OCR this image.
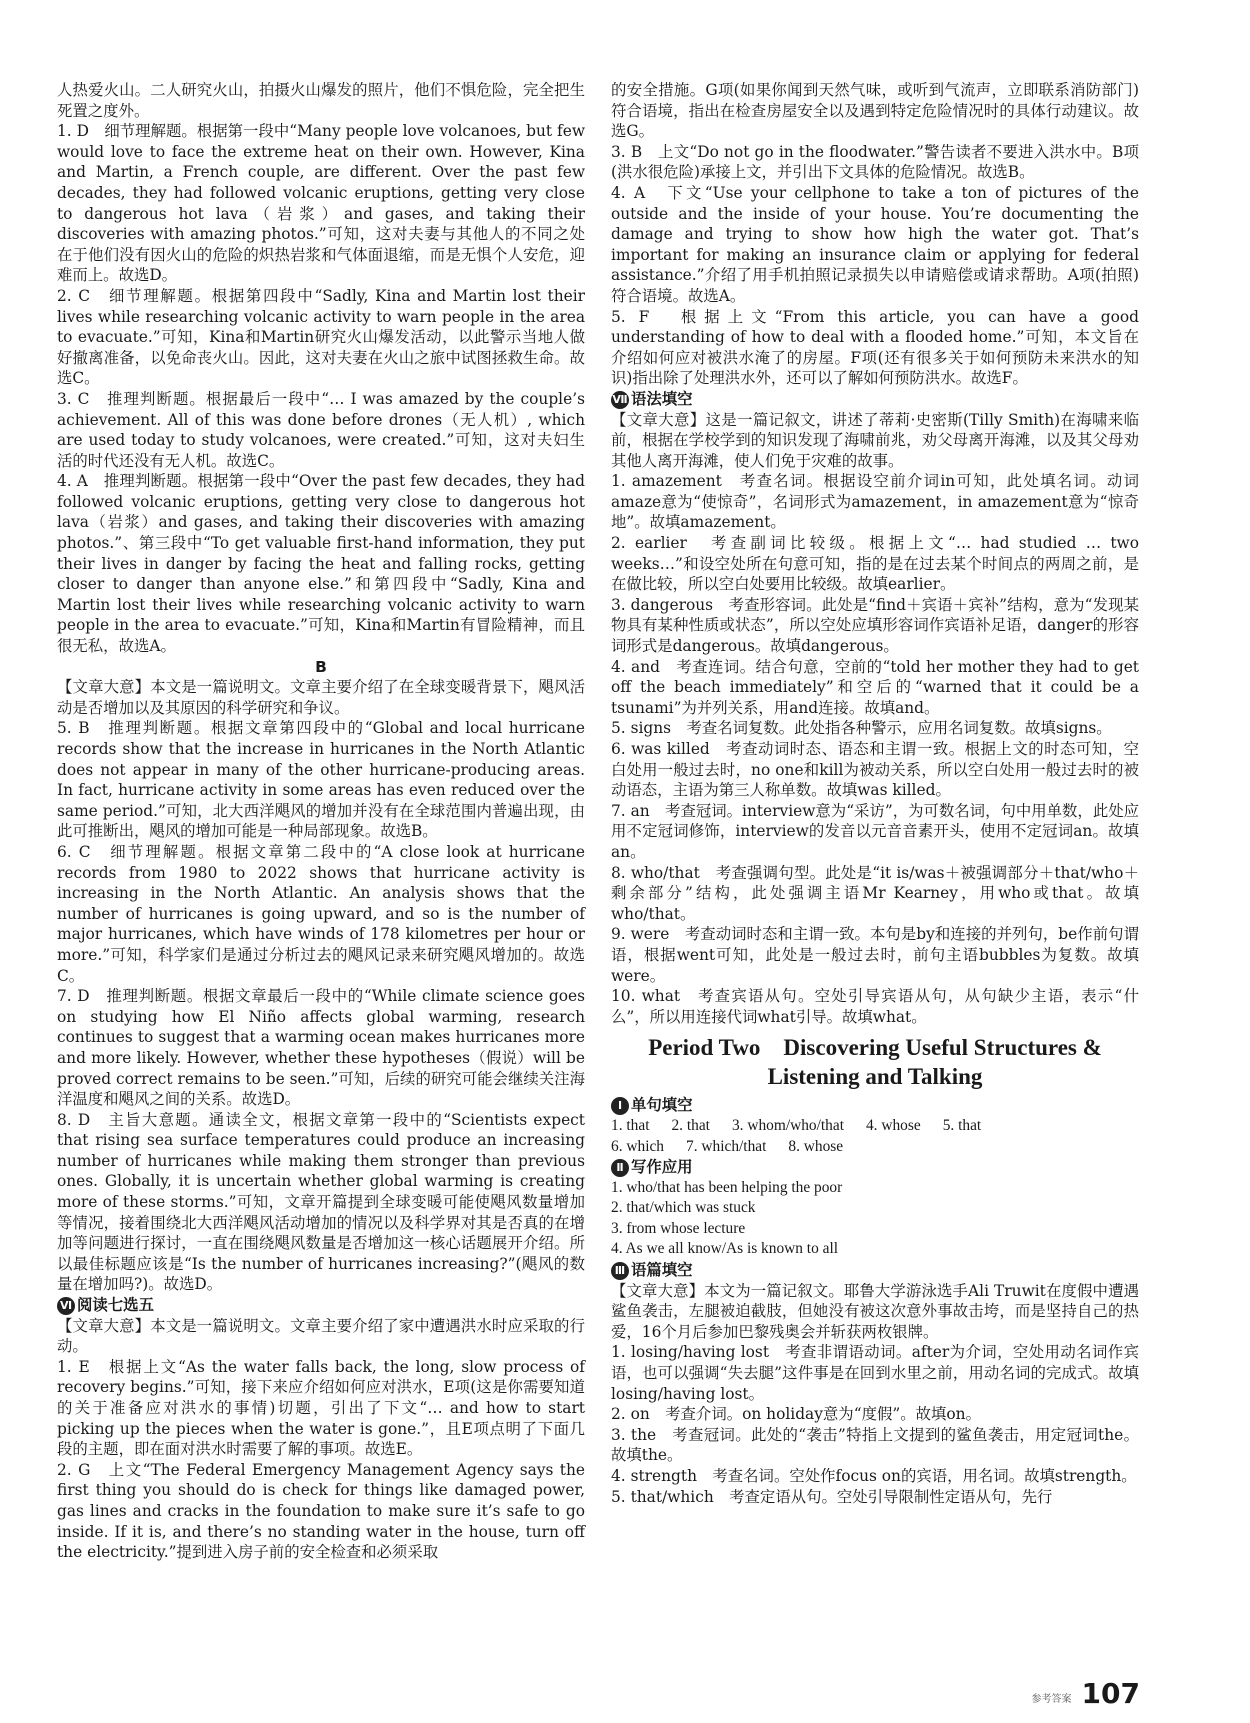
人热爱火山。二人研究火山，拍摄火山爆发的照片，他们不惧危险，完全把生死置之度外。

1. D　细节理解题。根据第一段中“Many people love volcanoes, but few would love to face the extreme heat on their own. However, Kina and Martin, a French couple, are different. Over the past few decades, they had followed volcanic eruptions, getting very close to dangerous hot lava（岩浆）and gases, and taking their discoveries with amazing photos.”可知，这对夫妻与其他人的不同之处在于他们没有因火山的危险的炽热岩浆和气体面退缩，而是无惧个人安危，迎难而上。故选D。

2. C　细节理解题。根据第四段中“Sadly, Kina and Martin lost their lives while researching volcanic activity to warn people in the area to evacuate.”可知，Kina和Martin研究火山爆发活动，以此警示当地人做好撤离准备，以免命丧火山。因此，这对夫妻在火山之旅中试图拯救生命。故选C。

3. C　推理判断题。根据最后一段中“… I was amazed by the couple’s achievement. All of this was done before drones（无人机）, which are used today to study volcanoes, were created.”可知，这对夫妇生活的时代还没有无人机。故选C。

4. A　推理判断题。根据第一段中“Over the past few decades, they had followed volcanic eruptions, getting very close to dangerous hot lava（岩浆）and gases, and taking their discoveries with amazing photos.”、第三段中“To get valuable first-hand information, they put their lives in danger by facing the heat and falling rocks, getting closer to danger than anyone else.”和第四段中“Sadly, Kina and Martin lost their lives while researching volcanic activity to warn people in the area to evacuate.”可知，Kina和Martin有冒险精神，而且很无私，故选A。

B

【文章大意】本文是一篇说明文。文章主要介绍了在全球变暖背景下，飓风活动是否增加以及其原因的科学研究和争议。

5. B　推理判断题。根据文章第四段中的“Global and local hurricane records show that the increase in hurricanes in the North Atlantic does not appear in many of the other hurricane-producing areas. In fact, hurricane activity in some areas has even reduced over the same period.”可知，北大西洋飓风的增加并没有在全球范围内普遍出现，由此可推断出，飓风的增加可能是一种局部现象。故选B。

6. C　细节理解题。根据文章第二段中的“A close look at hurricane records from 1980 to 2022 shows that hurricane activity is increasing in the North Atlantic. An analysis shows that the number of hurricanes is going upward, and so is the number of major hurricanes, which have winds of 178 kilometres per hour or more.”可知，科学家们是通过分析过去的飓风记录来研究飓风增加的。故选C。

7. D　推理判断题。根据文章最后一段中的“While climate science goes on studying how El Niño affects global warming, research continues to suggest that a warming ocean makes hurricanes more and more likely. However, whether these hypotheses（假说）will be proved correct remains to be seen.”可知，后续的研究可能会继续关注海洋温度和飓风之间的关系。故选D。

8. D　主旨大意题。通读全文，根据文章第一段中的“Scientists expect that rising sea surface temperatures could produce an increasing number of hurricanes while making them stronger than previous ones. Globally, it is uncertain whether global warming is creating more of these storms.”可知，文章开篇提到全球变暖可能使飓风数量增加等情况，接着围绕北大西洋飓风活动增加的情况以及科学界对其是否真的在增加等问题进行探讨，一直在围绕飓风数量是否增加这一核心话题展开介绍。所以最佳标题应该是“Is the number of hurricanes increasing?”(飓风的数量在增加吗?)。故选D。

Ⅵ 阅读七选五

【文章大意】本文是一篇说明文。文章主要介绍了家中遭遇洪水时应采取的行动。

1. E　根据上文“As the water falls back, the long, slow process of recovery begins.”可知，接下来应介绍如何应对洪水，E项(这是你需要知道的关于准备应对洪水的事情)切题，引出了下文“… and how to start picking up the pieces when the water is gone.”，且E项点明了下面几段的主题，即在面对洪水时需要了解的事项。故选E。

2. G　上文“The Federal Emergency Management Agency says the first thing you should do is check for things like damaged power, gas lines and cracks in the foundation to make sure it’s safe to go inside. If it is, and there’s no standing water in the house, turn off the electricity.”提到进入房子前的安全检查和必须采取

的安全措施。G项(如果你闻到天然气味，或听到气流声，立即联系消防部门)符合语境，指出在检查房屋安全以及遇到特定危险情况时的具体行动建议。故选G。

3. B　上文“Do not go in the floodwater.”警告读者不要进入洪水中。B项(洪水很危险)承接上文，并引出下文具体的危险情况。故选B。

4. A　下文“Use your cellphone to take a ton of pictures of the outside and the inside of your house. You’re documenting the damage and trying to show how high the water got. That’s important for making an insurance claim or applying for federal assistance.”介绍了用手机拍照记录损失以申请赔偿或请求帮助。A项(拍照)符合语境。故选A。

5. F　根据上文“From this article, you can have a good understanding of how to deal with a flooded home.”可知，本文旨在介绍如何应对被洪水淹了的房屋。F项(还有很多关于如何预防未来洪水的知识)指出除了处理洪水外，还可以了解如何预防洪水。故选F。

Ⅶ 语法填空

【文章大意】这是一篇记叙文，讲述了蒂莉·史密斯(Tilly Smith)在海啸来临前，根据在学校学到的知识发现了海啸前兆，劝父母离开海滩，以及其父母劝其他人离开海滩，使人们免于灾难的故事。

1. amazement　考查名词。根据设空前介词in可知，此处填名词。动词amaze意为“使惊奇”，名词形式为amazement，in amazement意为“惊奇地”。故填amazement。

2. earlier　考查副词比较级。根据上文“… had studied … two weeks…”和设空处所在句意可知，指的是在过去某个时间点的两周之前，是在做比较，所以空白处要用比较级。故填earlier。

3. dangerous　考查形容词。此处是“find＋宾语＋宾补”结构，意为“发现某物具有某种性质或状态”，所以空处应填形容词作宾语补足语，danger的形容词形式是dangerous。故填dangerous。

4. and　考查连词。结合句意，空前的“told her mother they had to get off the beach immediately”和空后的“warned that it could be a tsunami”为并列关系，用and连接。故填and。

5. signs　考查名词复数。此处指各种警示，应用名词复数。故填signs。

6. was killed　考查动词时态、语态和主谓一致。根据上文的时态可知，空白处用一般过去时，no one和kill为被动关系，所以空白处用一般过去时的被动语态，主语为第三人称单数。故填was killed。

7. an　考查冠词。interview意为“采访”，为可数名词，句中用单数，此处应用不定冠词修饰，interview的发音以元音音素开头，使用不定冠词an。故填an。

8. who/that　考查强调句型。此处是“it is/was＋被强调部分＋that/who＋剩余部分”结构，此处强调主语Mr Kearney，用who或that。故填who/that。

9. were　考查动词时态和主谓一致。本句是by和连接的并列句，be作前句谓语，根据went可知，此处是一般过去时，前句主语bubbles为复数。故填were。

10. what　考查宾语从句。空处引导宾语从句，从句缺少主语，表示“什么”，所以用连接代词what引导。故填what。

Period Two　Discovering Useful Structures &
Listening and Talking

Ⅰ 单句填空

1. that 2. that 3. whom/who/that 4. whose 5. that
6. which 7. which/that 8. whose

Ⅱ 写作应用

1. who/that has been helping the poor

2. that/which was stuck

3. from whose lecture

4. As we all know/As is known to all

Ⅲ 语篇填空

【文章大意】本文为一篇记叙文。耶鲁大学游泳选手Ali Truwit在度假中遭遇鲨鱼袭击，左腿被迫截肢，但她没有被这次意外事故击垮，而是坚持自己的热爱，16个月后参加巴黎残奥会并斩获两枚银牌。

1. losing/having lost　考查非谓语动词。after为介词，空处用动名词作宾语，也可以强调“失去腿”这件事是在回到水里之前，用动名词的完成式。故填losing/having lost。

2. on　考查介词。on holiday意为“度假”。故填on。

3. the　考查冠词。此处的“袭击”特指上文提到的鲨鱼袭击，用定冠词the。故填the。

4. strength　考查名词。空处作focus on的宾语，用名词。故填strength。

5. that/which　考查定语从句。空处引导限制性定语从句，先行

参考答案 107
